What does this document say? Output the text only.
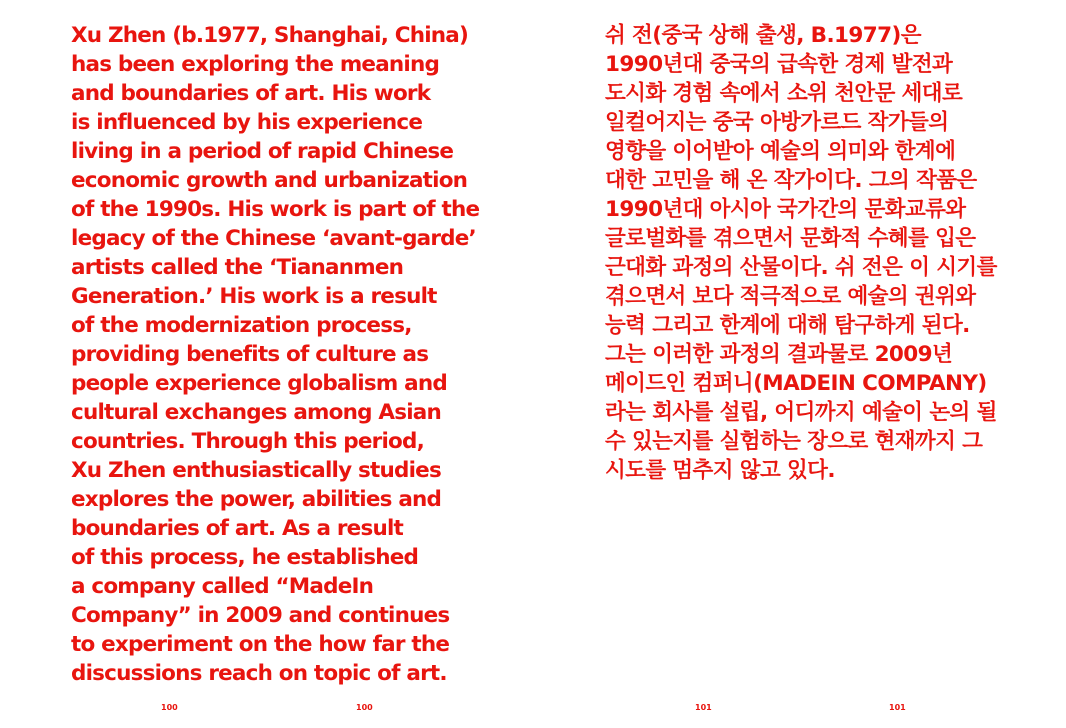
Xu Zhen (b.1977, Shanghai, China)
has been exploring the meaning
and boundaries of art. His work
is influenced by his experience
living in a period of rapid Chinese
economic growth and urbanization
of the 1990s. His work is part of the
legacy of the Chinese ‘avant-garde’
artists called the ‘Tiananmen
Generation.’ His work is a result
of the modernization process,
providing benefits of culture as
people experience globalism and
cultural exchanges among Asian
countries. Through this period,
Xu Zhen enthusiastically studies
explores the power, abilities and
boundaries of art. As a result
of this process, he established
a company called “MadeIn
Company” in 2009 and continues
to experiment on the how far the
discussions reach on topic of art.
100	100
쉬 전(중국 상해 출생, B.1977)은
1990년대 중국의 급속한 경제 발전과
도시화 경험 속에서 소위 천안문 세대로
일컬어지는 중국 아방가르드 작가들의
영향을 이어받아 예술의 의미와 한계에
대한 고민을 해 온 작가이다. 그의 작품은
1990년대 아시아 국가간의 문화교류와
글로벌화를 겪으면서 문화적 수혜를 입은
근대화 과정의 산물이다. 쉬 전은 이 시기를
겪으면서 보다 적극적으로 예술의 권위와
능력 그리고 한계에 대해 탐구하게 된다.
그는 이러한 과정의 결과물로 2009년
메이드인 컴퍼니(MADEIN COMPANY)
라는 회사를 설립, 어디까지 예술이 논의 될
수 있는지를 실험하는 장으로 현재까지 그
시도를 멈추지 않고 있다.
101	101
